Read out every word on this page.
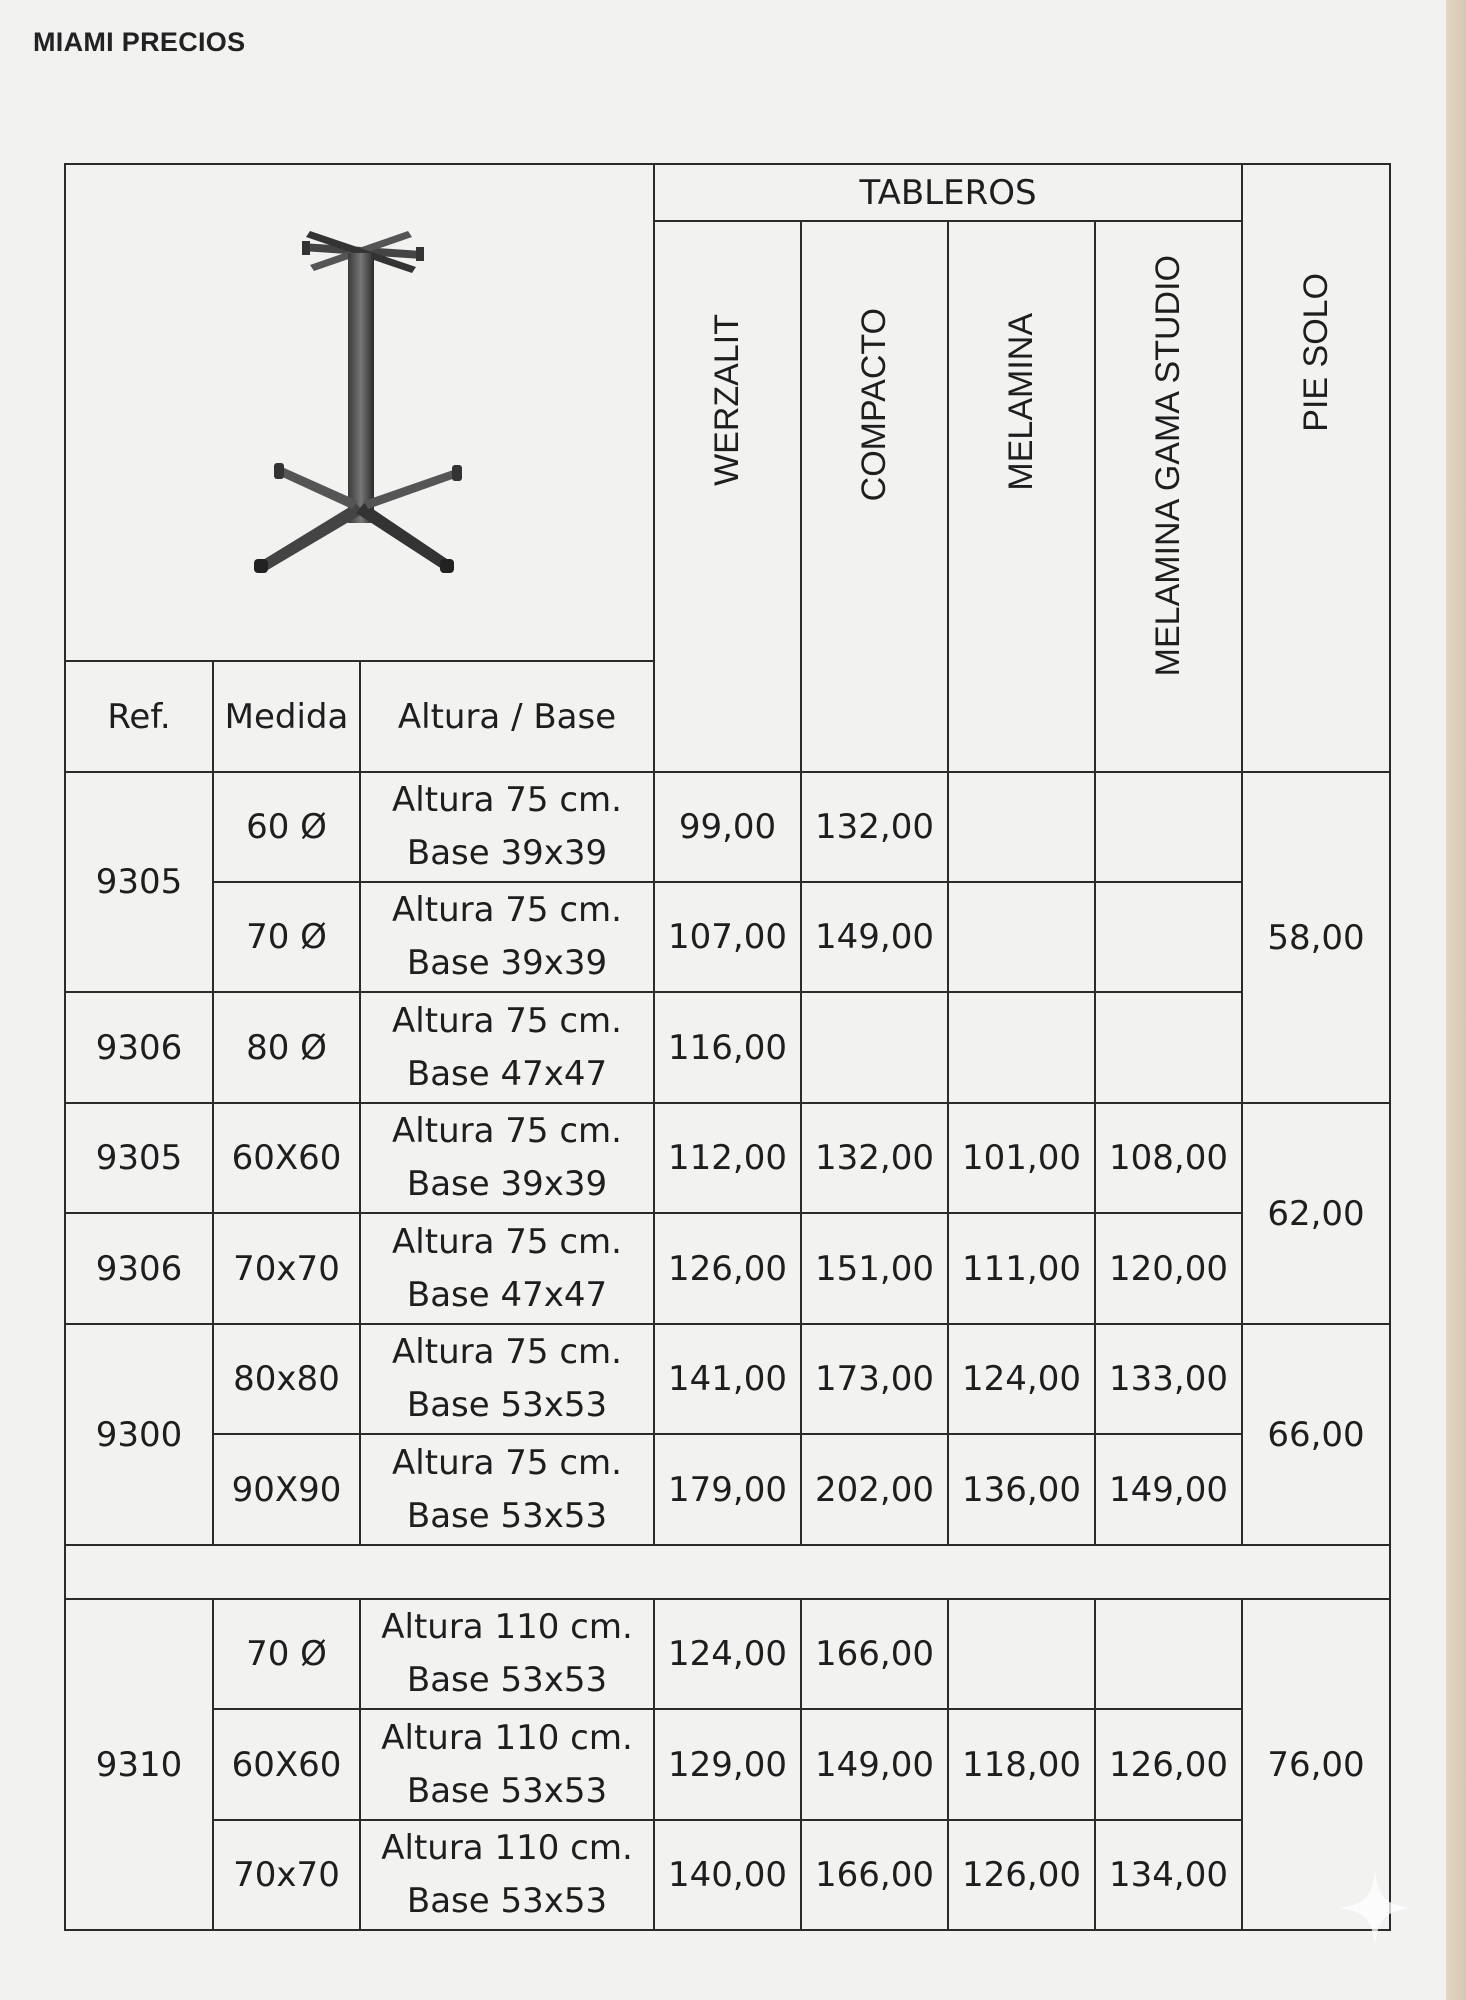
MIAMI PRECIOS
	TABLEROS				PIE SOLO
			WERZALIT	COMPACTO	MELAMINA	MELAMINA GAMA STUDIO	
Ref.	Medida	Altura / Base					
9305	60 Ø	Altura 75 cm.
Base 39x39	99,00	132,00			58,00
	70 Ø	Altura 75 cm.
Base 39x39	107,00	149,00			
9306	80 Ø	Altura 75 cm.
Base 47x47	116,00				
9305	60X60	Altura 75 cm.
Base 39x39	112,00	132,00	101,00	108,00	62,00
9306	70x70	Altura 75 cm.
Base 47x47	126,00	151,00	111,00	120,00	
9300	80x80	Altura 75 cm.
Base 53x53	141,00	173,00	124,00	133,00	66,00
	90X90	Altura 75 cm.
Base 53x53	179,00	202,00	136,00	149,00	

9310	70 Ø	Altura 110 cm.
Base 53x53	124,00	166,00			76,00
	60X60	Altura 110 cm.
Base 53x53	129,00	149,00	118,00	126,00	
	70x70	Altura 110 cm.
Base 53x53	140,00	166,00	126,00	134,00	
